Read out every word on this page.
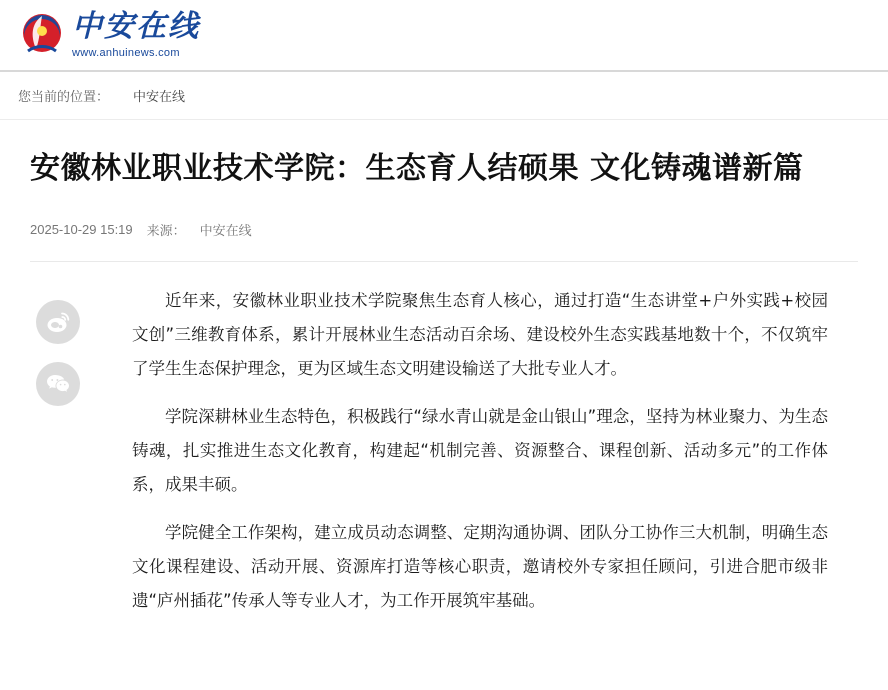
中安在线
www.anhuinews.com
您当前的位置： 中安在线
安徽林业职业技术学院：生态育人结硕果 文化铸魂谱新篇
2025-10-29 15:19 来源： 中安在线

近年来，安徽林业职业技术学院聚焦生态育人核心，通过打造“生态讲堂+户外实践+校园文创”三维教育体系，累计开展林业生态活动百余场、建设校外生态实践基地数十个，不仅筑牢了学生生态保护理念，更为区域生态文明建设输送了大批专业人才。

学院深耕林业生态特色，积极践行“绿水青山就是金山银山”理念，坚持为林业聚力、为生态铸魂，扎实推进生态文化教育，构建起“机制完善、资源整合、课程创新、活动多元”的工作体系，成果丰硕。

学院健全工作架构，建立成员动态调整、定期沟通协调、团队分工协作三大机制，明确生态文化课程建设、活动开展、资源库打造等核心职责，邀请校外专家担任顾问，引进合肥市级非遗“庐州插花”传承人等专业人才，为工作开展筑牢基础。
